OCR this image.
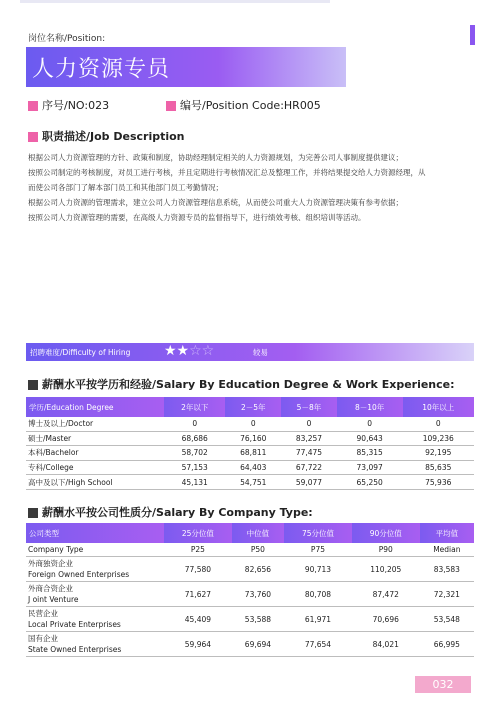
岗位名称/Position:
人力资源专员
序号/NO:023	编号/Position Code:HR005
职责描述/Job Description
根据公司人力资源管理的方针、政策和制度，协助经理制定相关的人力资源规划，为完善公司人事制度提供建议；
按照公司制定的考核制度，对员工进行考核，并且定期进行考核情况汇总及整理工作，并将结果提交给人力资源经理，从
而使公司各部门了解本部门员工和其他部门员工考勤情况；
根据公司人力资源的管理需求，建立公司人力资源管理信息系统，从而使公司重大人力资源管理决策有参考依据；
按照公司人力资源管理的需要，在高级人力资源专员的监督指导下，进行绩效考核、组织培训等活动。
招聘难度/Difficulty of Hiring ★★☆☆	较易
薪酬水平按学历和经验/Salary By Education Degree & Work Experience:
学历/Education Degree	2年以下	2－5年	5－8年	8－10年	10年以上
博士及以上/Doctor	0	0	0	0	0
硕士/Master	68,686	76,160	83,257	90,643	109,236
本科/Bachelor	58,702	68,811	77,475	85,315	92,195
专科/College	57,153	64,403	67,722	73,097	85,635
高中及以下/High School	45,131	54,751	59,077	65,250	75,936
薪酬水平按公司性质分/Salary By Company Type:
公司类型	25分位值	中位值	75分位值	90分位值	平均值

Company Type	P25	P50	P75	P90	Median

外商独资企业
Foreign Owned Enterprises	77,580	82,656	90,713	110,205	83,583

外商合资企业
J oint Venture	71,627	73,760	80,708	87,472	72,321

民营企业
Local Private Enterprises	45,409	53,588	61,971	70,696	53,548

国有企业
State Owned Enterprises	59,964	69,694	77,654	84,021	66,995
032
